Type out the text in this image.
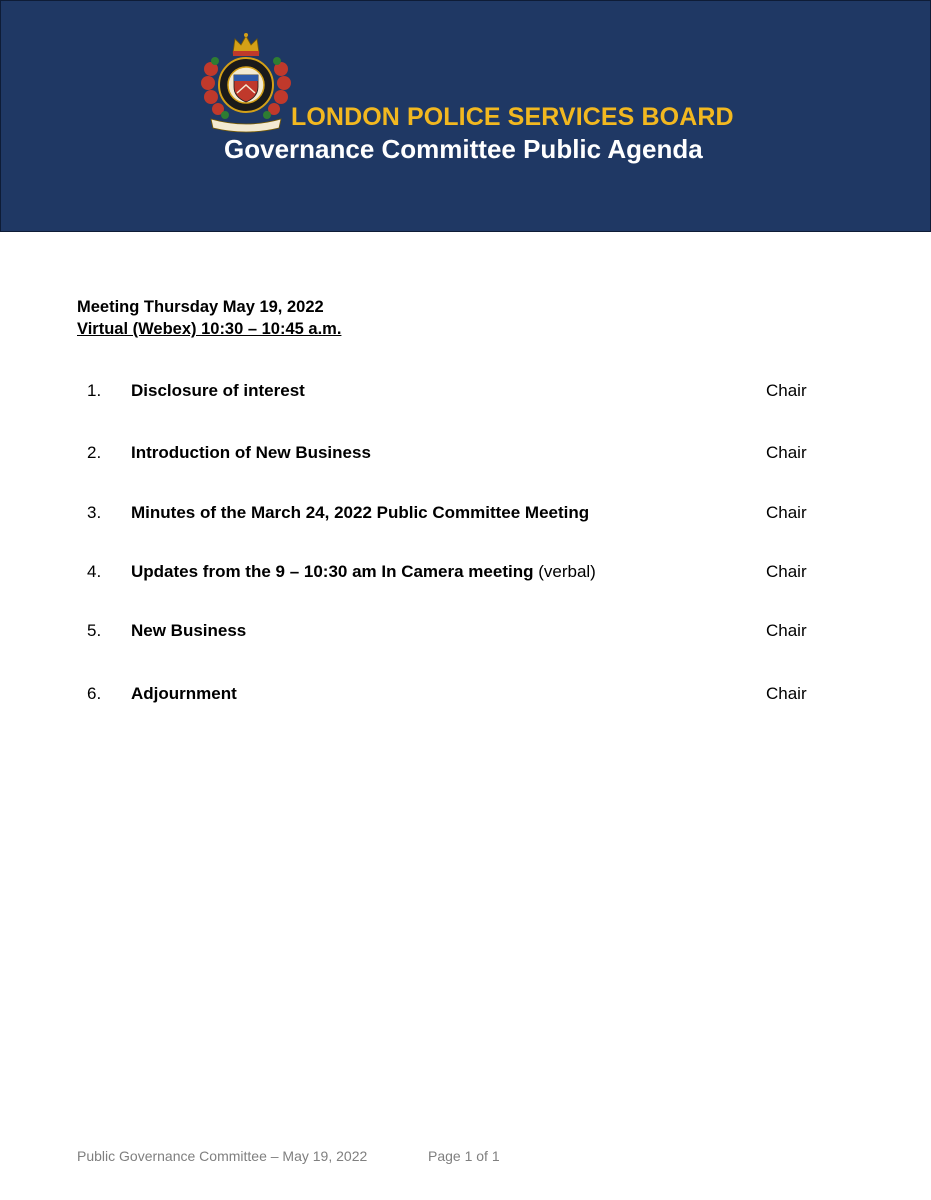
LONDON POLICE SERVICES BOARD
Governance Committee Public Agenda
Meeting Thursday May 19, 2022
Virtual (Webex) 10:30 – 10:45 a.m.
1. Disclosure of interest	Chair
2. Introduction of New Business	Chair
3. Minutes of the March 24, 2022 Public Committee Meeting	Chair
4. Updates from the 9 – 10:30 am In Camera meeting (verbal)	Chair
5. New Business	Chair
6. Adjournment	Chair
Public Governance Committee – May 19, 2022	Page 1 of 1
